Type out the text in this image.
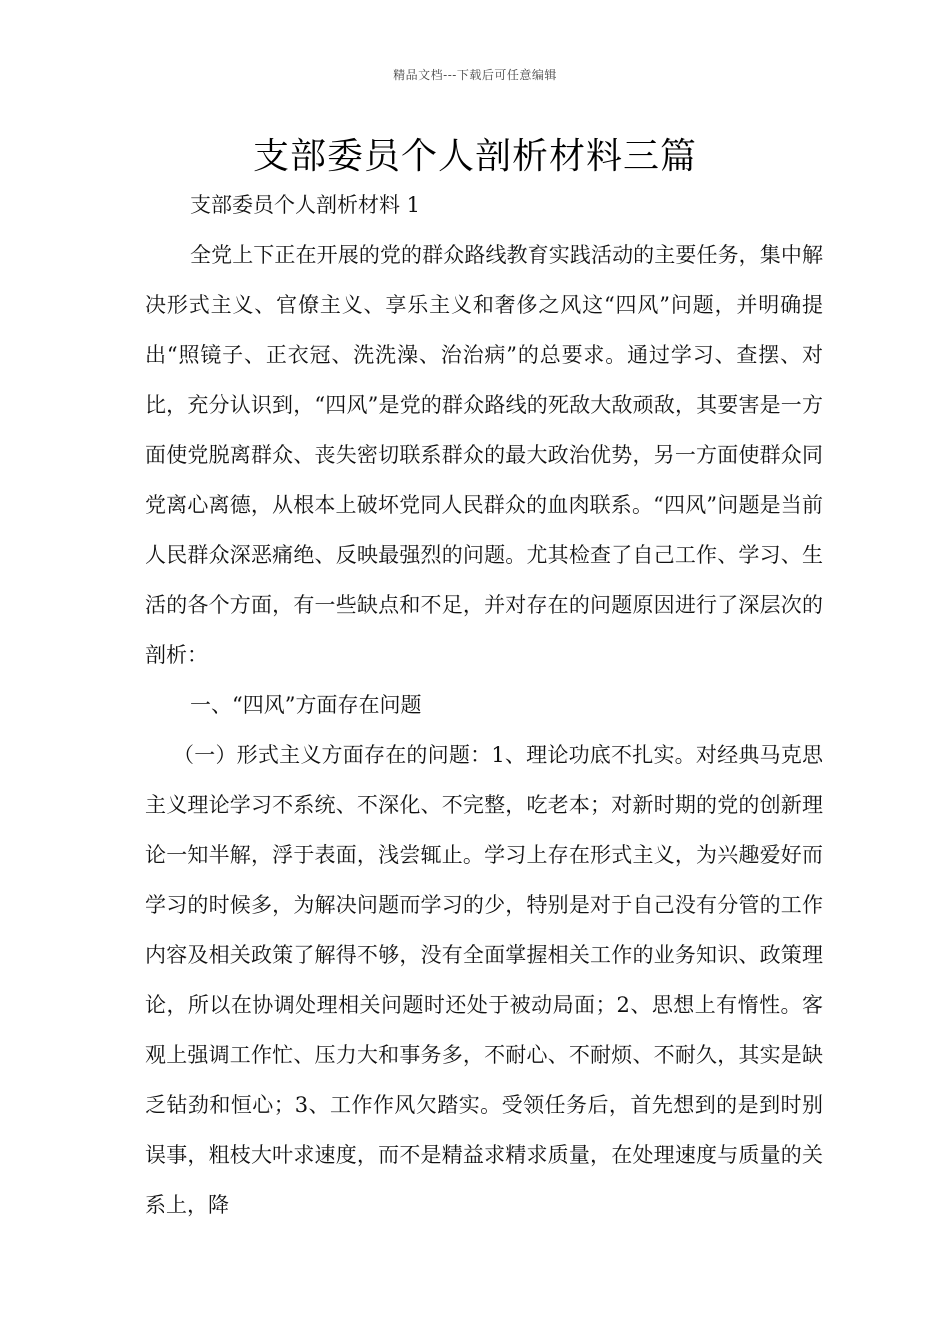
精品文档---下载后可任意编辑
支部委员个人剖析材料三篇

支部委员个人剖析材料 1

全党上下正在开展的党的群众路线教育实践活动的主要任务，集中解决形式主义、官僚主义、享乐主义和奢侈之风这“四风”问题，并明确提出“照镜子、正衣冠、洗洗澡、治治病”的总要求。通过学习、查摆、对比，充分认识到，“四风”是党的群众路线的死敌大敌顽敌，其要害是一方面使党脱离群众、丧失密切联系群众的最大政治优势，另一方面使群众同党离心离德，从根本上破坏党同人民群众的血肉联系。“四风”问题是当前人民群众深恶痛绝、反映最强烈的问题。尤其检查了自己工作、学习、生活的各个方面，有一些缺点和不足，并对存在的问题原因进行了深层次的剖析：

一、“四风”方面存在问题

（一）形式主义方面存在的问题：1、理论功底不扎实。对经典马克思主义理论学习不系统、不深化、不完整，吃老本；对新时期的党的创新理论一知半解，浮于表面，浅尝辄止。学习上存在形式主义，为兴趣爱好而学习的时候多，为解决问题而学习的少，特别是对于自己没有分管的工作内容及相关政策了解得不够，没有全面掌握相关工作的业务知识、政策理论，所以在协调处理相关问题时还处于被动局面；2、思想上有惰性。客观上强调工作忙、压力大和事务多，不耐心、不耐烦、不耐久，其实是缺乏钻劲和恒心；3、工作作风欠踏实。受领任务后，首先想到的是到时别误事，粗枝大叶求速度，而不是精益求精求质量，在处理速度与质量的关系上，降
